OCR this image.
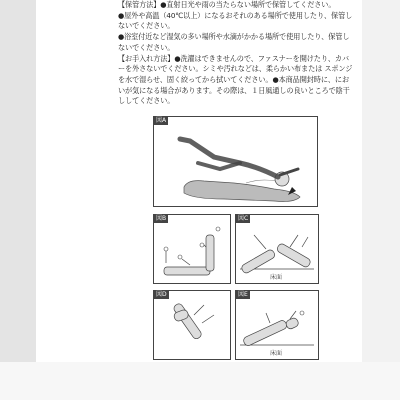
【保管方法】●直射日光や雨の当たらない場所で保管してください。

●屋外や高温（40℃以上）になるおそれのある場所で使用したり、保管しないでください。

●浴室付近など湿気の多い場所や水滴がかかる場所で使用したり、保管しないでください。

【お手入れ方法】●洗濯はできませんので、ファスナーを開けたり、カバーを外さないでください。シミや汚れなどは、柔らかい布または スポンジを水で湿らせ、固く絞ってから拭いてください。●本商品開封時に、においが気になる場合があります。その際は、１日風通しの良いところで陰干ししてください。

図A
図B	図C
床面
図D	図E
床面
